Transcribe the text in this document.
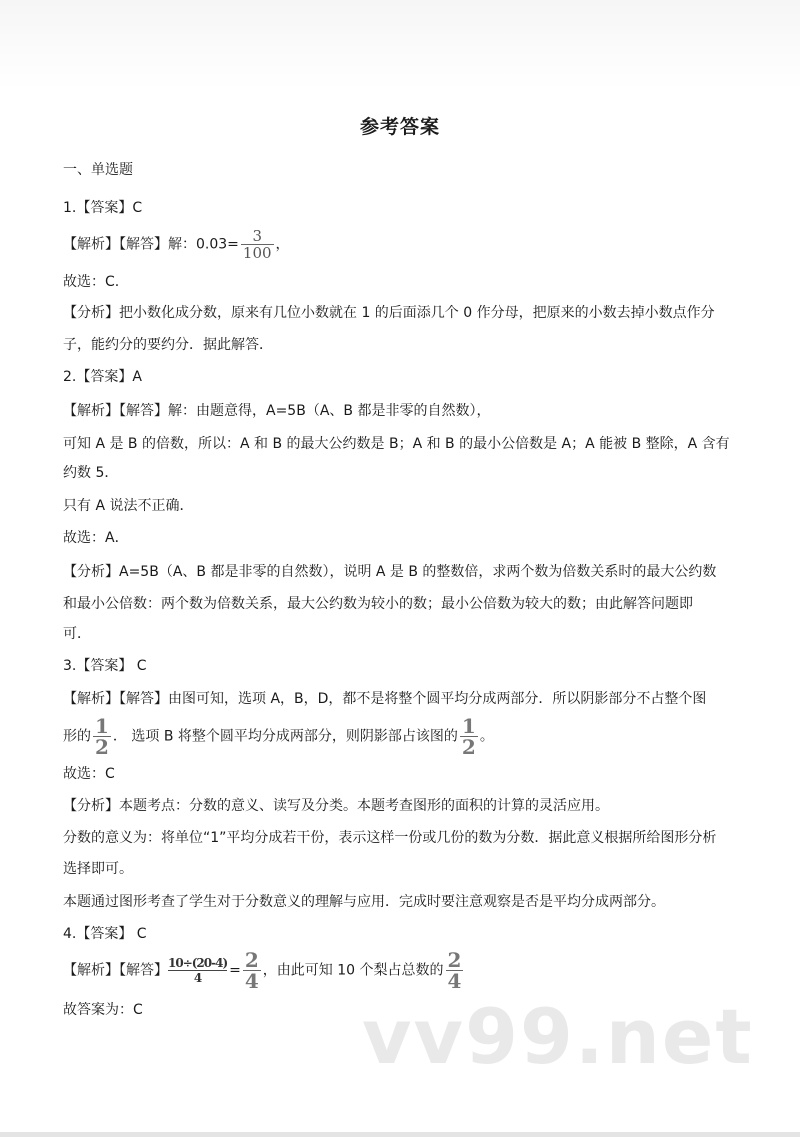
参考答案
一、单选题
1.【答案】C
【解析】【解答】解：$0.03= \frac{3}{100}$ ，
故选：C.
【分析】把小数化成分数，原来有几位小数就在 1 的后面添几个 0 作分母，把原来的小数去掉小数点作分
子，能约分的要约分．据此解答．
2.【答案】A
【解析】【解答】解：由题意得，A=5B（A、B 都是非零的自然数），
可知 A 是 B 的倍数，所以：A 和 B 的最大公约数是 B；A 和 B 的最小公倍数是 A；A 能被 B 整除，A 含有
约数 5．
只有 A 说法不正确．
故选：A．
【分析】A=5B（A、B 都是非零的自然数），说明 A 是 B 的整数倍，求两个数为倍数关系时的最大公约数
和最小公倍数：两个数为倍数关系，最大公约数为较小的数；最小公倍数为较大的数；由此解答问题即
可．
3.【答案】 C
【解析】【解答】由图可知，选项 A，B，D，都不是将整个圆平均分成两部分．所以阴影部分不占整个图
形的 $\frac{1}{2}$ ． 选项 B 将整个圆平均分成两部分，则阴影部占该图的 $\frac{1}{2}$ 。
故选：C
【分析】本题考点：分数的意义、读写及分类。本题考查图形的面积的计算的灵活应用。
分数的意义为：将单位“1”平均分成若干份，表示这样一份或几份的数为分数．据此意义根据所给图形分析
选择即可。
本题通过图形考查了学生对于分数意义的理解与应用．完成时要注意观察是否是平均分成两部分。
4.【答案】 C
【解析】【解答】 $\frac{10\div(20-4)}{4} = \frac{2}{4}$ ，由此可知 10 个梨占总数的 $\frac{2}{4}$
故答案为：C	vv99.net
